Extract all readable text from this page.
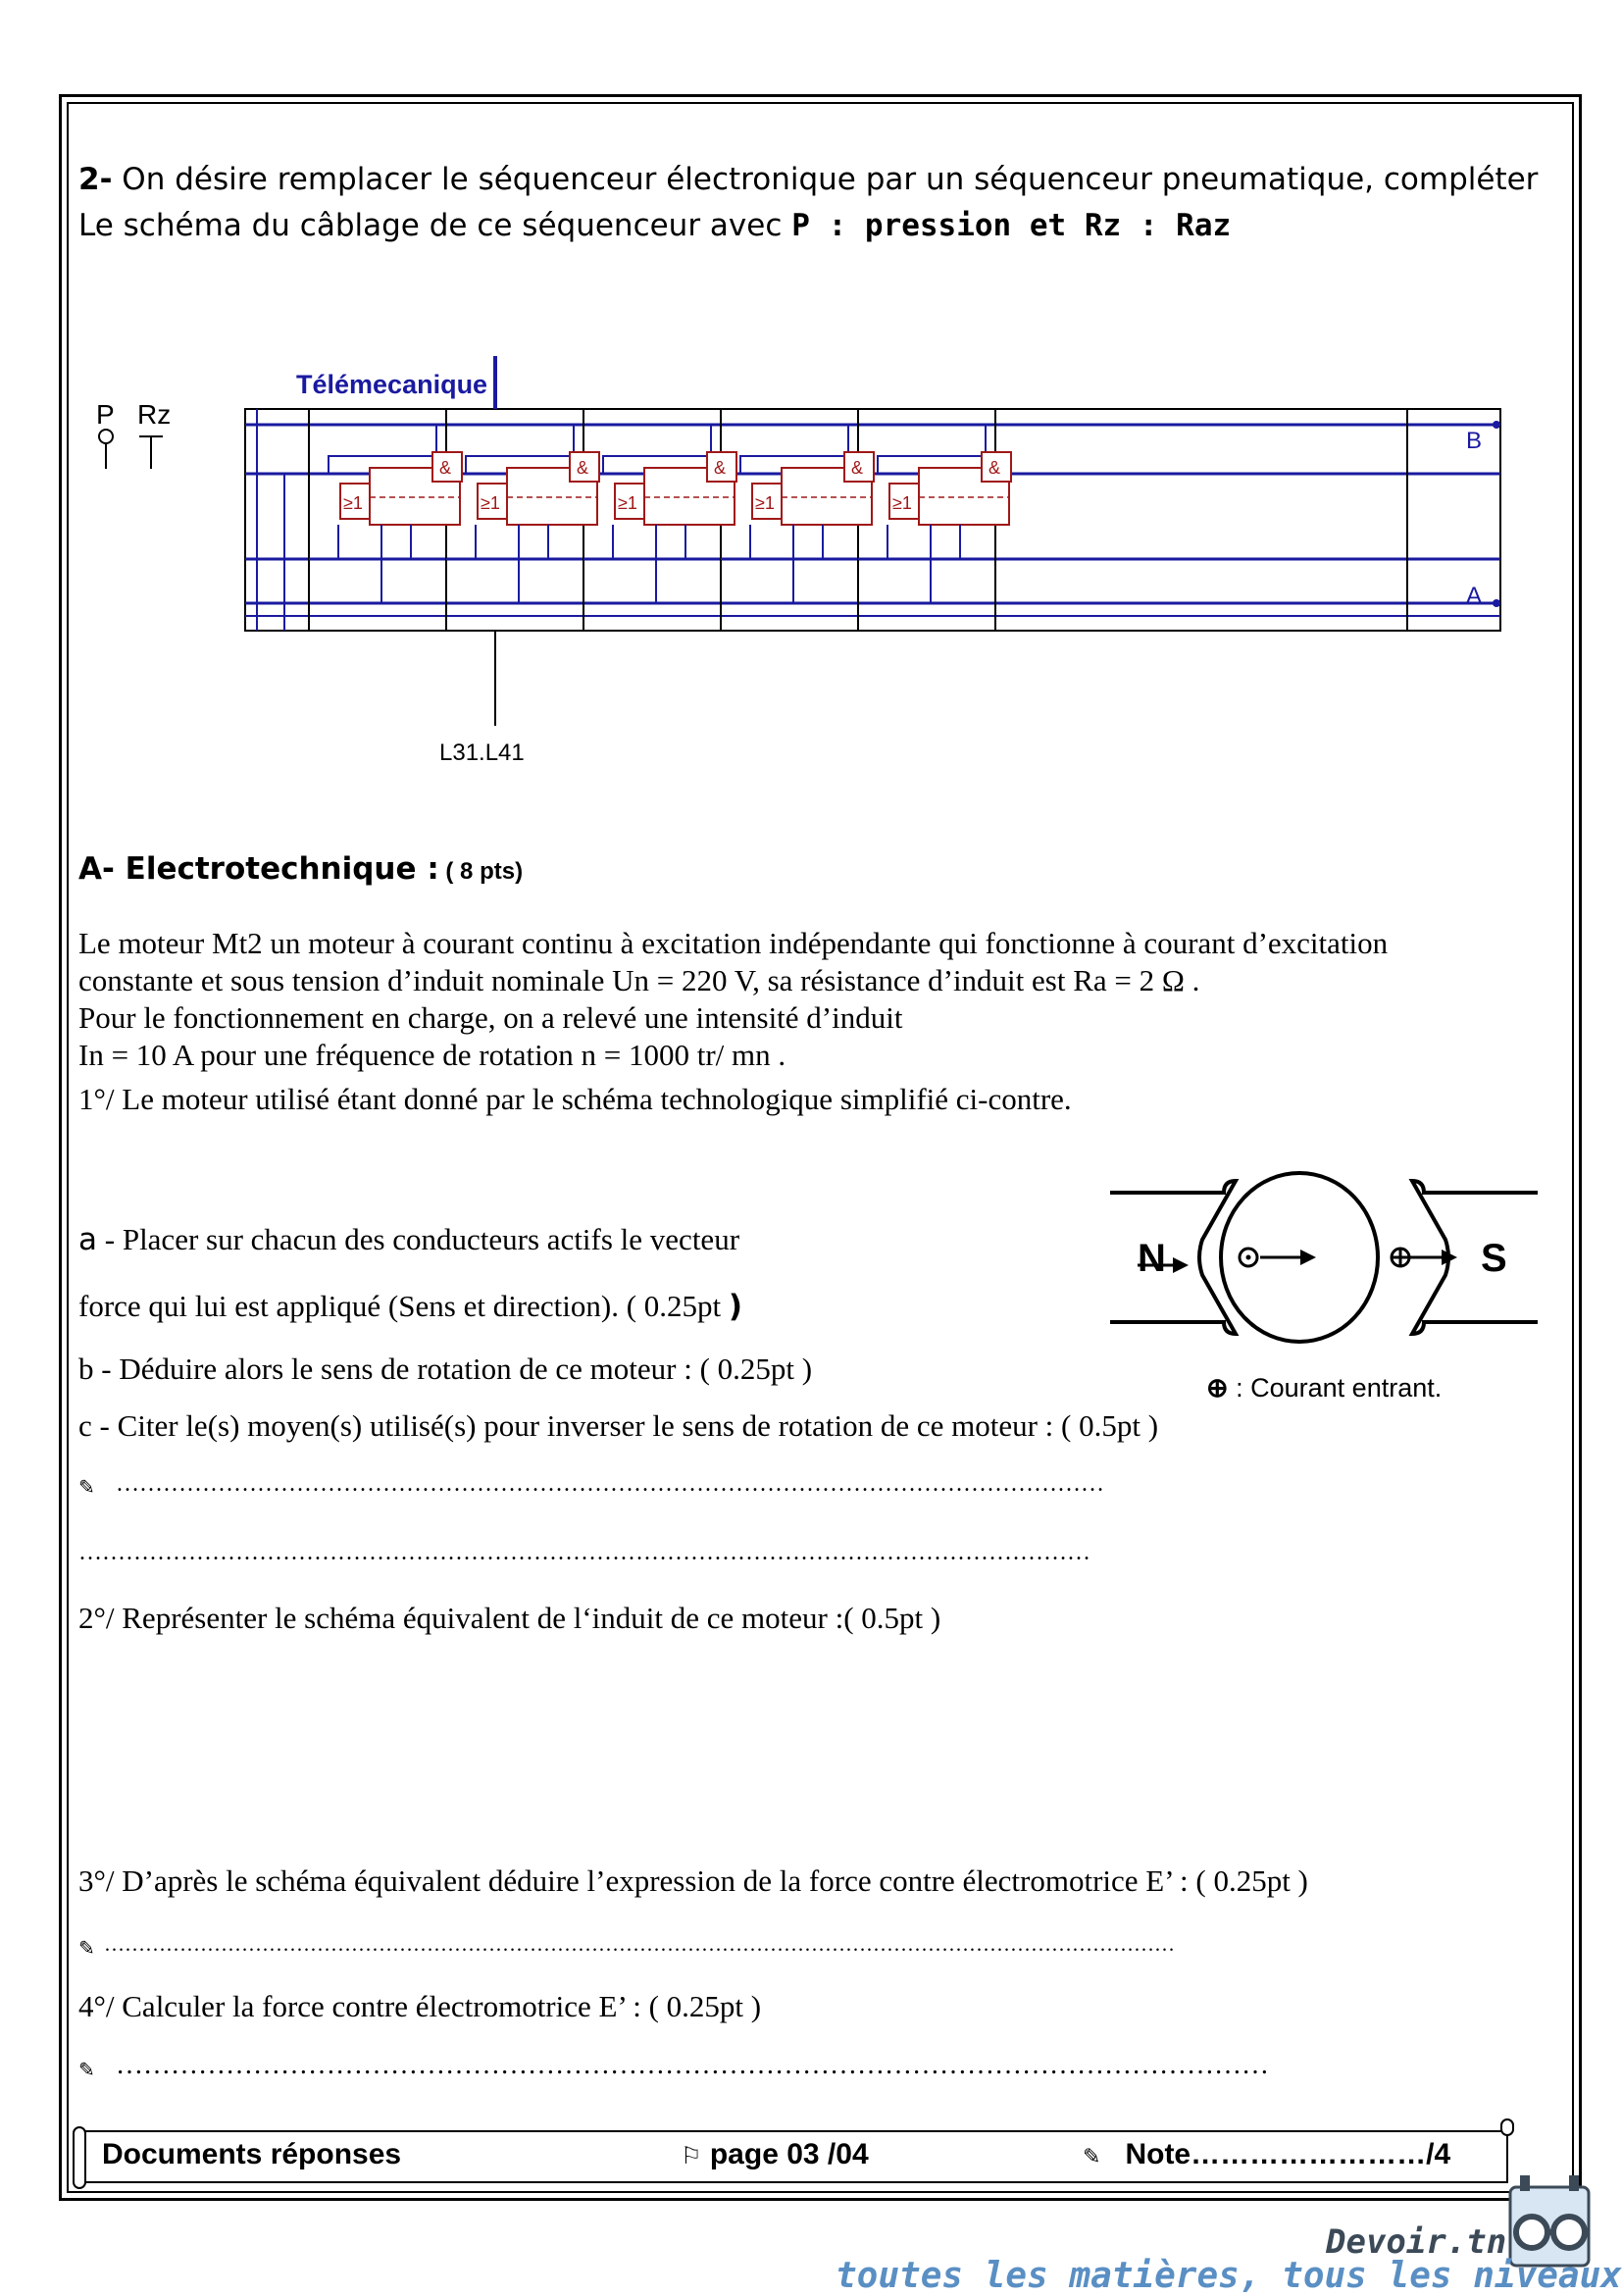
2- On désire remplacer le séquenceur électronique par un séquenceur pneumatique, compléter
Le schéma du câblage de ce séquenceur avec P : pression et Rz : Raz
P Rz
Télémecanique
L31.L41
≥1
&
≥1
&
≥1
&
≥1
&
≥1
&
B
A
A- Electrotechnique : ( 8 pts)
Le moteur Mt2 un moteur à courant continu à excitation indépendante qui fonctionne à courant d’excitation
constante et sous tension d’induit nominale Un = 220 V, sa résistance d’induit est Ra = 2 Ω .
Pour le fonctionnement en charge, on a relevé une intensité d’induit
In = 10 A pour une fréquence de rotation n = 1000 tr/ mn .
1°/ Le moteur utilisé étant donné par le schéma technologique simplifié ci-contre.
a - Placer sur chacun des conducteurs actifs le vecteur
force qui lui est appliqué (Sens et direction). ( 0.25pt )
b - Déduire alors le sens de rotation de ce moteur : ( 0.25pt )
c - Citer le(s) moyen(s) utilisé(s) pour inverser le sens de rotation de ce moteur : ( 0.5pt )
✎ ………………………………………………………………………………………………………………
…………………………………………………………………………………………………………………
N	S
⊕ : Courant entrant.
2°/ Représenter le schéma équivalent de l‘induit de ce moteur :( 0.5pt )
3°/ D’après le schéma équivalent déduire l’expression de la force contre électromotrice E’ : ( 0.25pt )
✎ …………………………………………………………………………………………………………………………………………
4°/ Calculer la force contre électromotrice E’ : ( 0.25pt )
✎ ………………………………………………………………………………………………………………
Documents réponses	⚐ page 03 /04	✎ Note……………………/4
Devoir.tn
toutes les matières, tous les niveaux
